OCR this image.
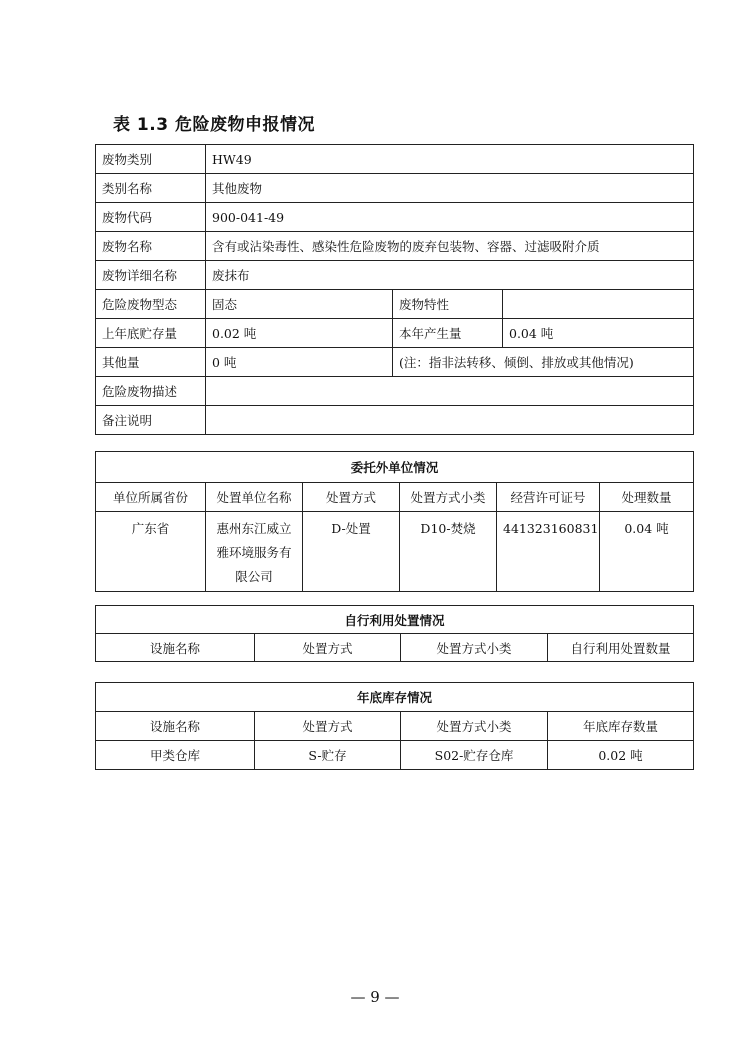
表 1.3 危险废物申报情况
废物类别	HW49		
类别名称	其他废物		
废物代码	900-041-49		
废物名称	含有或沾染毒性、感染性危险废物的废弃包装物、容器、过滤吸附介质		
废物详细名称	废抹布		
危险废物型态	固态	废物特性	
上年底贮存量	0.02 吨	本年产生量	0.04 吨
其他量	0 吨	(注：指非法转移、倾倒、排放或其他情况)	
危险废物描述			
备注说明			
委托外单位情况					
单位所属省份	处置单位名称	处置方式	处置方式小类	经营许可证号	处理数量
广东省	惠州东江威立
雅环境服务有
限公司	D-处置	D10-焚烧	441323160831	0.04 吨
自行利用处置情况
设施名称	处置方式	处置方式小类	自行利用处置数量
年底库存情况			
设施名称	处置方式	处置方式小类	年底库存数量
甲类仓库	S-贮存	S02-贮存仓库	0.02 吨
— 9 —
